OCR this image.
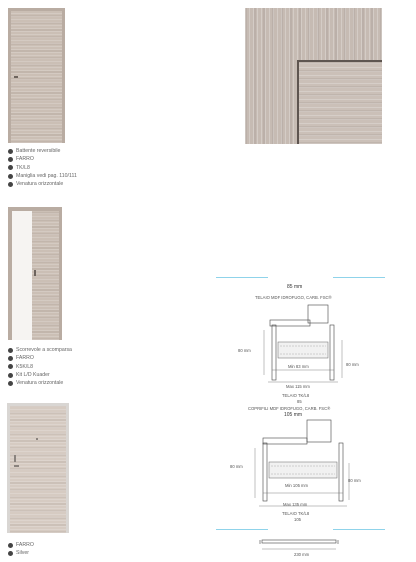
Battente reversibile
FARRO
TK/L8
Maniglia vedi pag. 110/111
Venatura orizzontale
Scorrevole a scomparsa
FARRO
K5K/L8
Kit L/D Kuader
Venatura orizzontale
FARRO
Silver
85 mm
TELAIO MDF IDROFUGO, CARB. FSC®
80 mm
80 mm
Min 83 mm
Max 115 mm
TELAIO TK/L8
85
COPRIFILI MDF IDROFUGO, CARB. FSC®
105 mm
80 mm
80 mm
Min 105 mm
Max 135 mm
TELAIO TK/L8
105
230 mm
